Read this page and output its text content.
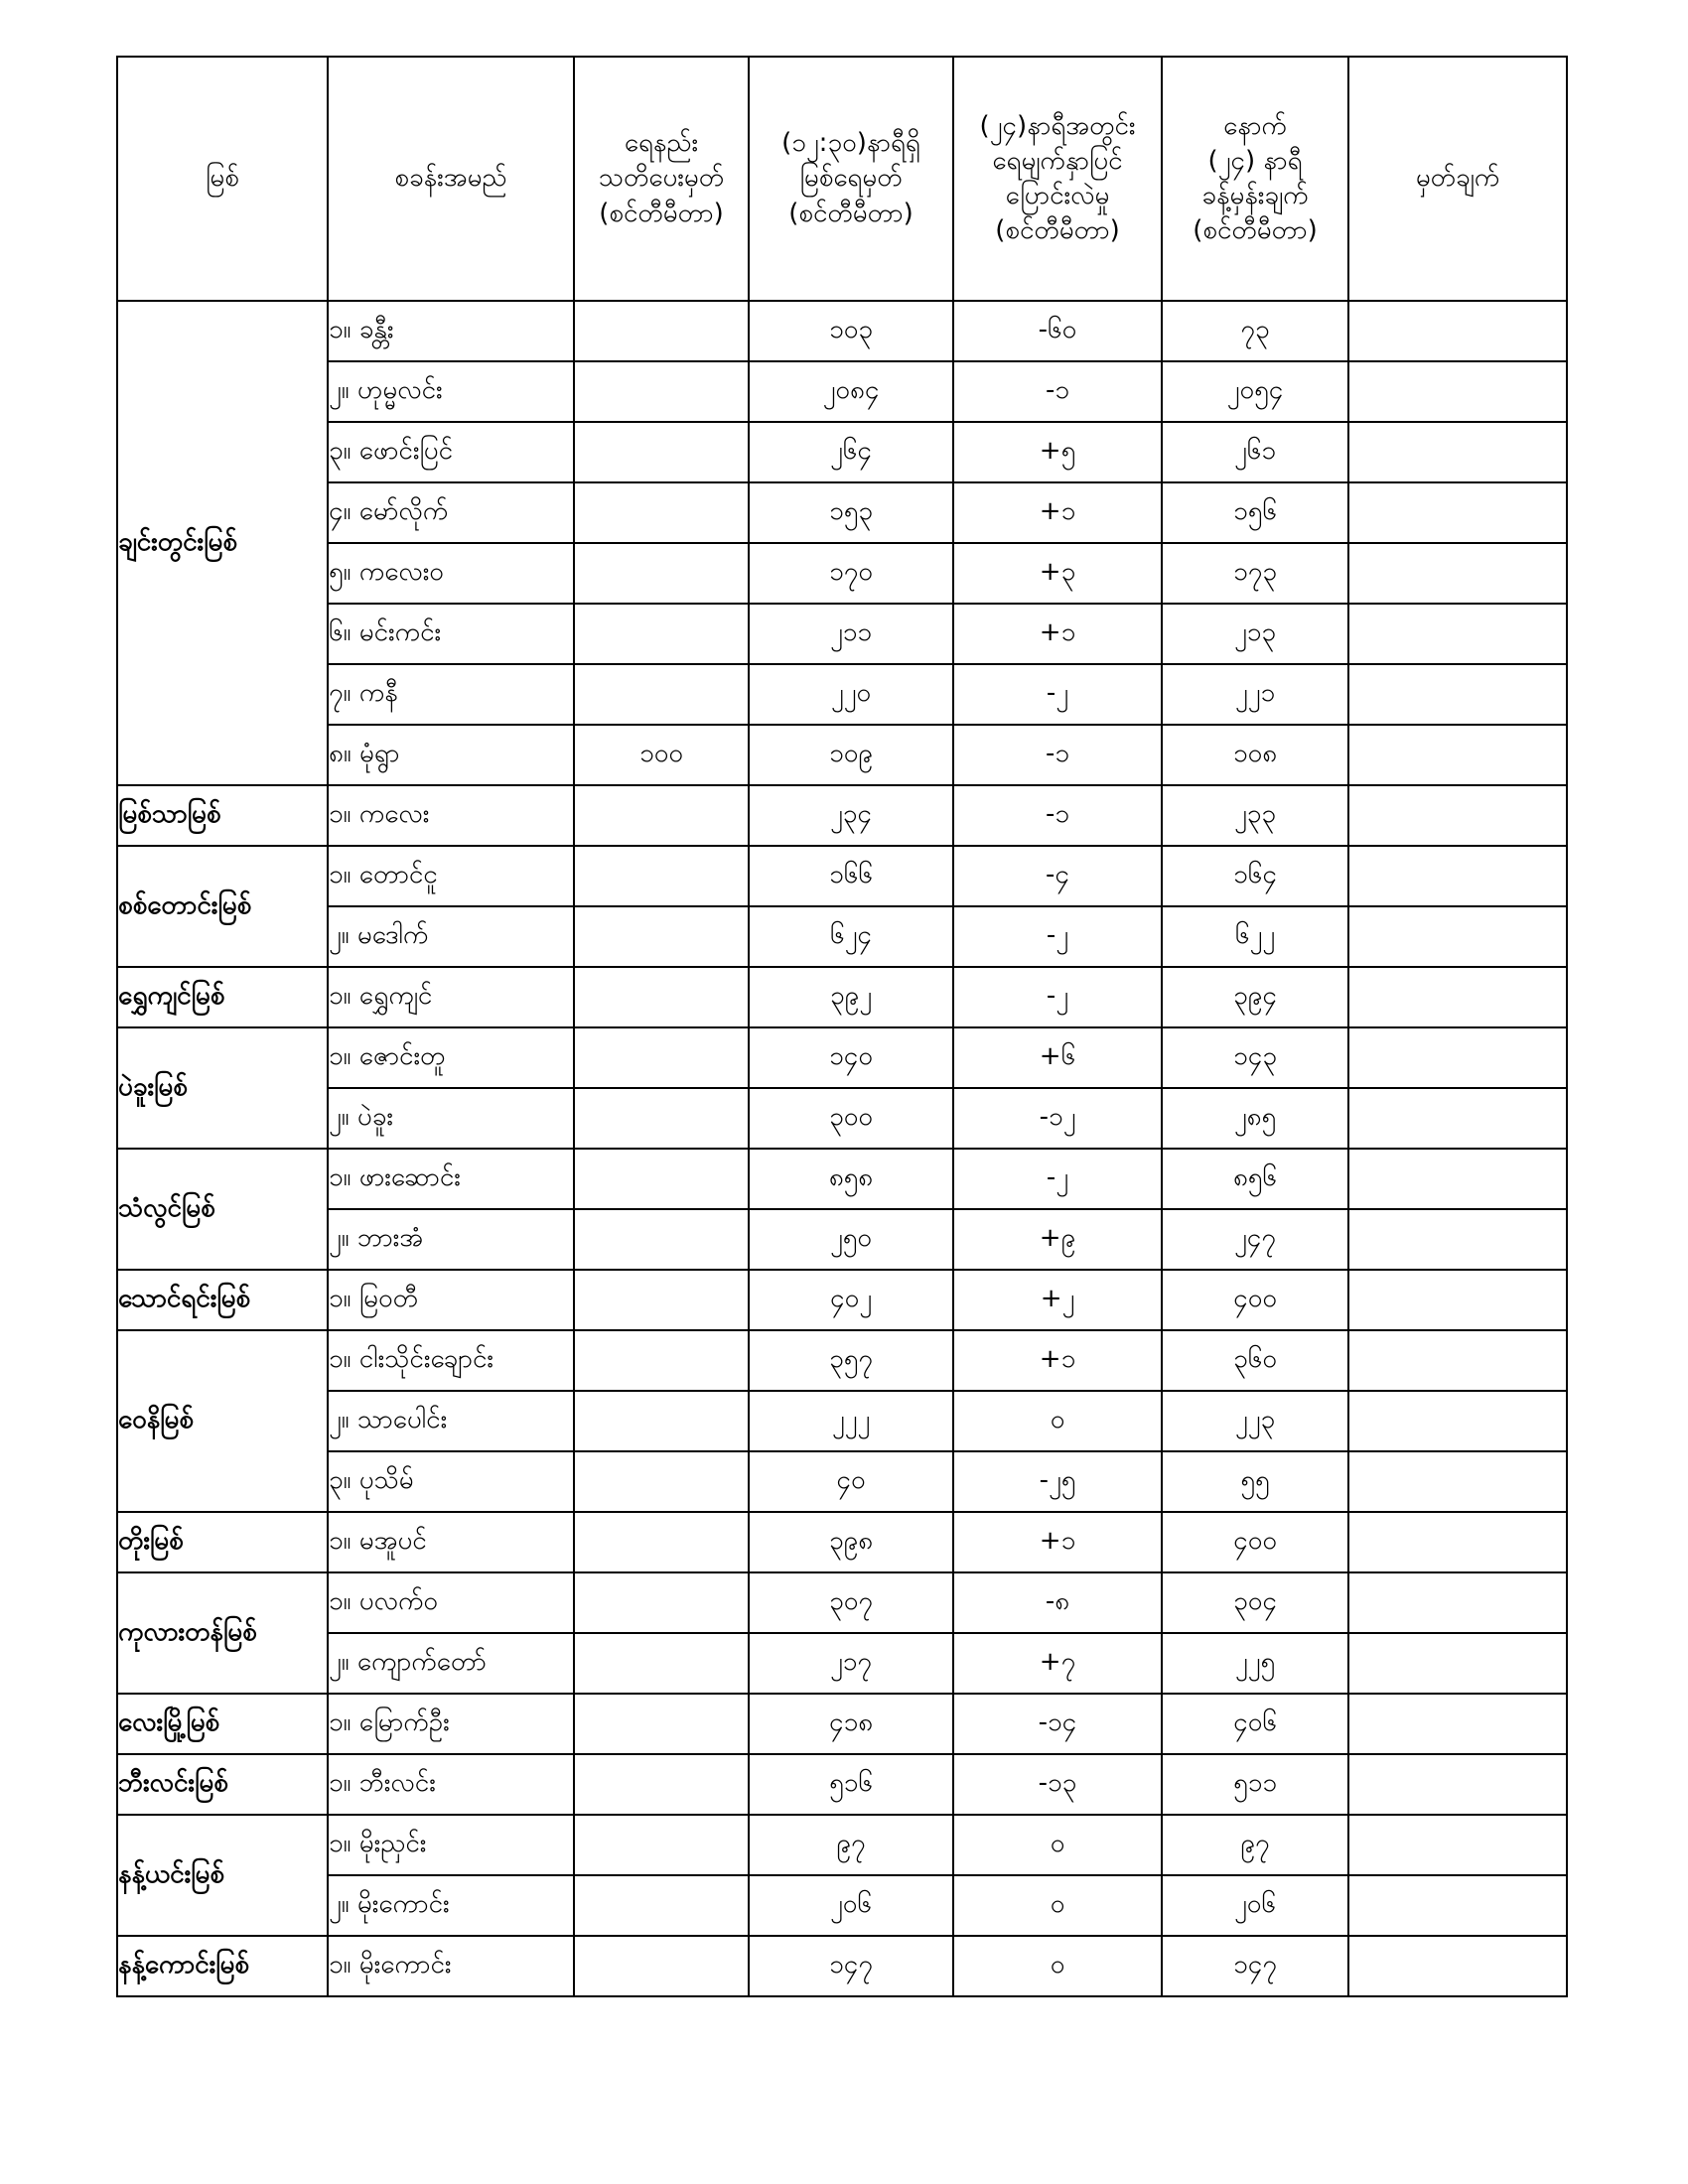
မြစ်	စခန်းအမည်	ရေနည်း
သတိပေးမှတ်
(စင်တီမီတာ)	(၁၂:၃၀)နာရီရှိ
မြစ်ရေမှတ်
(စင်တီမီတာ)	(၂၄)နာရီအတွင်း
ရေမျက်နှာပြင်
ပြောင်းလဲမှု
(စင်တီမီတာ)	နောက်
(၂၄) နာရီ
ခန့်မှန်းချက်
(စင်တီမီတာ)	မှတ်ချက်

ချင်းတွင်းမြစ်	၁။ ခန္တီး		၁၀၃	-၆၀	၇၃	
	၂။ ဟုမ္မလင်း		၂၀၈၄	-၁	၂၀၅၄	
	၃။ ဖောင်းပြင်		၂၆၄	+၅	၂၆၁	
	၄။ မော်လိုက်		၁၅၃	+၁	၁၅၆	
	၅။ ကလေးဝ		၁၇၀	+၃	၁၇၃	
	၆။ မင်းကင်း		၂၁၁	+၁	၂၁၃	
	၇။ ကနီ		၂၂၀	-၂	၂၂၁	
	၈။ မုံရွာ	၁၀၀	၁၀၉	-၁	၁၀၈	
မြစ်သာမြစ်	၁။ ကလေး		၂၃၄	-၁	၂၃၃	
စစ်တောင်းမြစ်	၁။ တောင်ငူ		၁၆၆	-၄	၁၆၄	
	၂။ မဒေါက်		၆၂၄	-၂	၆၂၂	
ရွှေကျင်မြစ်	၁။ ရွှေကျင်		၃၉၂	-၂	၃၉၄	
ပဲခူးမြစ်	၁။ ဇောင်းတူ		၁၄၀	+၆	၁၄၃	
	၂။ ပဲခူး		၃၀၀	-၁၂	၂၈၅	
သံလွင်မြစ်	၁။ ဖားဆောင်း		၈၅၈	-၂	၈၅၆	
	၂။ ဘားအံ		၂၅၀	+၉	၂၄၇	
သောင်ရင်းမြစ်	၁။ မြဝတီ		၄၀၂	+၂	၄၀၀	
ဝေနိမြစ်	၁။ ငါးသိုင်းချောင်း		၃၅၇	+၁	၃၆၀	
	၂။ သာပေါင်း		၂၂၂	၀	၂၂၃	
	၃။ ပုသိမ်		၄၀	-၂၅	၅၅	
တိုးမြစ်	၁။ မအူပင်		၃၉၈	+၁	၄၀၀	
ကုလားတန်မြစ်	၁။ ပလက်ဝ		၃၀၇	-၈	၃၀၄	
	၂။ ကျောက်တော်		၂၁၇	+၇	၂၂၅	
လေးမြို့မြစ်	၁။ မြောက်ဦး		၄၁၈	-၁၄	၄၀၆	
ဘီးလင်းမြစ်	၁။ ဘီးလင်း		၅၁၆	-၁၃	၅၁၁	
နန့်ယင်းမြစ်	၁။ မိုးညှင်း		၉၇	၀	၉၇	
	၂။ မိုးကောင်း		၂၀၆	၀	၂၀၆	
နန့်ကောင်းမြစ်	၁။ မိုးကောင်း		၁၄၇	၀	၁၄၇	
